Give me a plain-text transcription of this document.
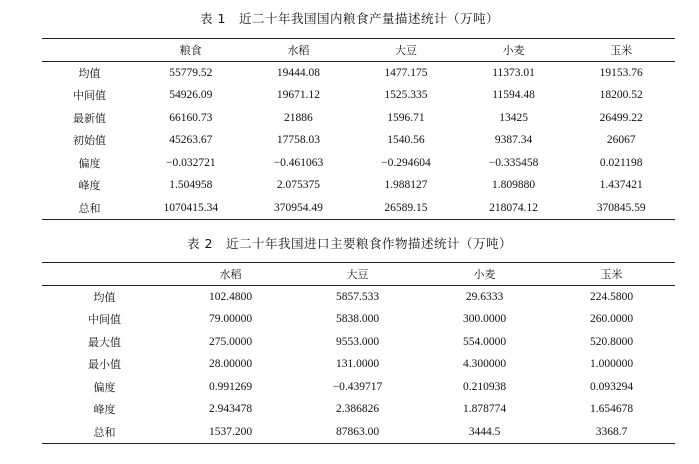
表 1　近二十年我国国内粮食产量描述统计（万吨）
	粮食	水稻	大豆	小麦	玉米
均值	55779.52	19444.08	1477.175	11373.01	19153.76
中间值	54926.09	19671.12	1525.335	11594.48	18200.52
最新值	66160.73	21886	1596.71	13425	26499.22
初始值	45263.67	17758.03	1540.56	9387.34	26067
偏度	−0.032721	−0.461063	−0.294604	−0.335458	0.021198
峰度	1.504958	2.075375	1.988127	1.809880	1.437421
总和	1070415.34	370954.49	26589.15	218074.12	370845.59
表 2　近二十年我国进口主要粮食作物描述统计（万吨）
	水稻	大豆	小麦	玉米
均值	102.4800	5857.533	29.6333	224.5800
中间值	79.00000	5838.000	300.0000	260.0000
最大值	275.0000	9553.000	554.0000	520.8000
最小值	28.00000	131.0000	4.300000	1.000000
偏度	0.991269	−0.439717	0.210938	0.093294
峰度	2.943478	2.386826	1.878774	1.654678
总和	1537.200	87863.00	3444.5	3368.7
